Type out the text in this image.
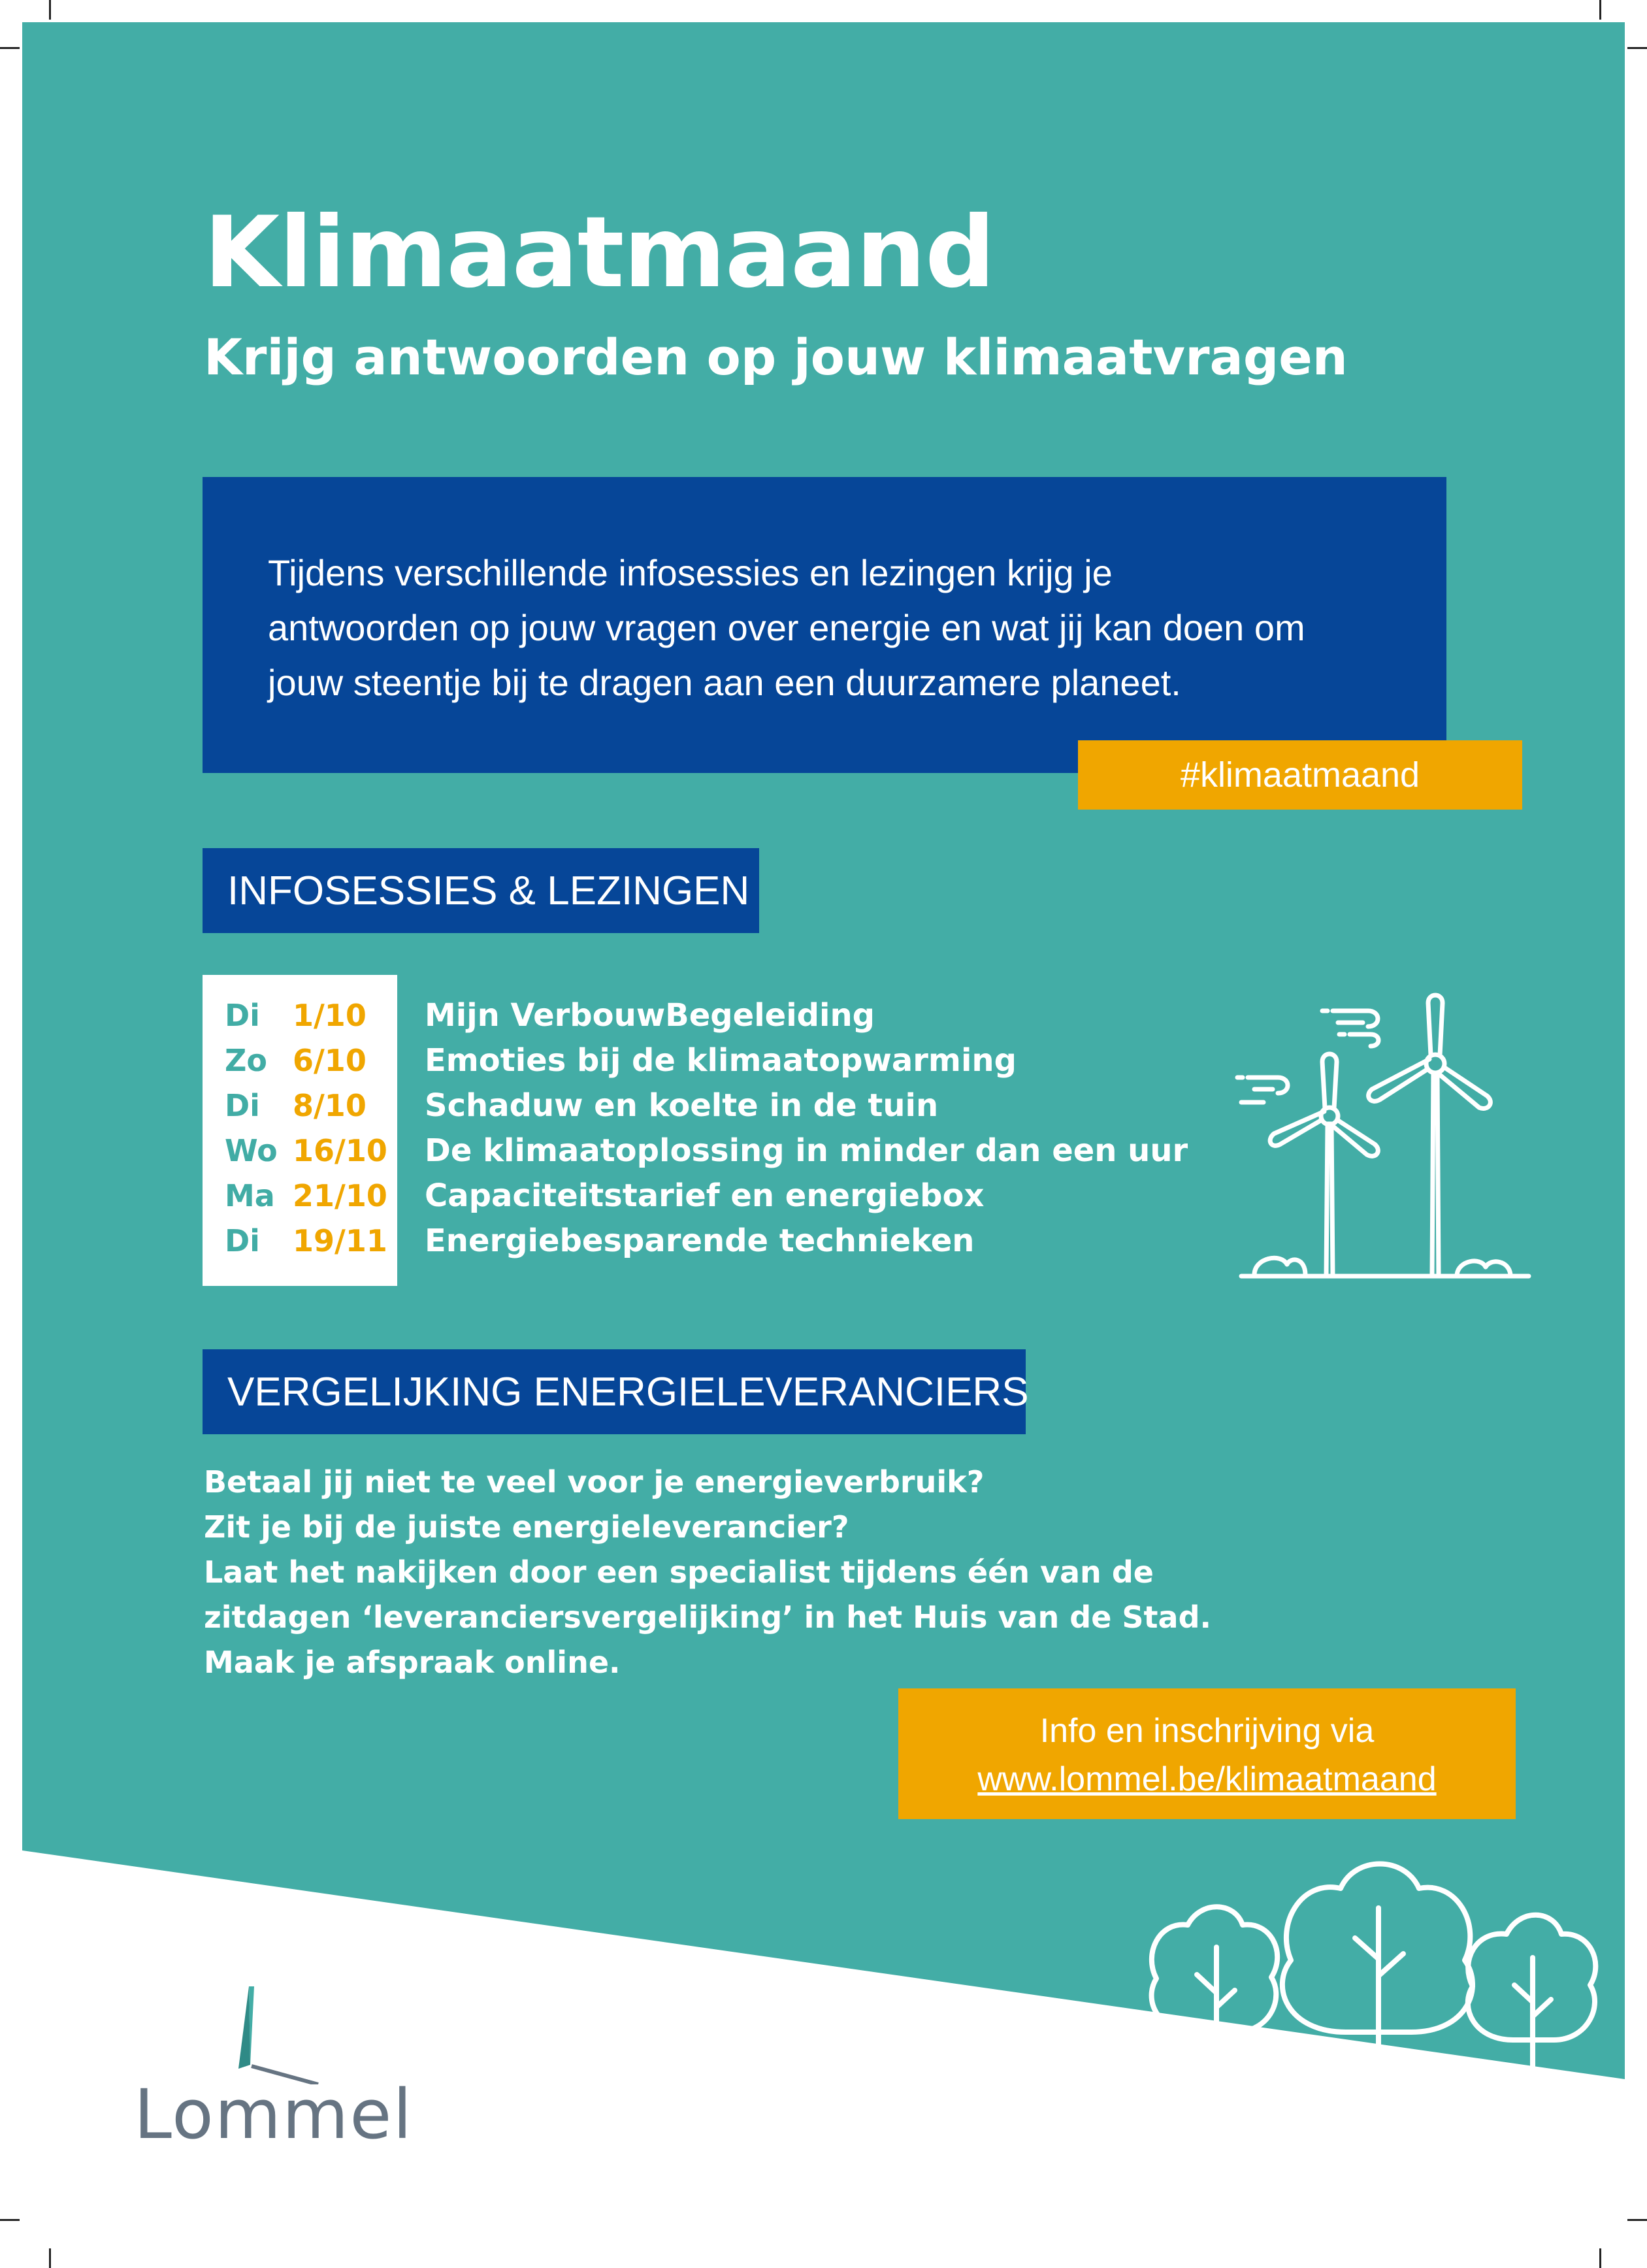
Klimaatmaand
Krijg antwoorden op jouw klimaatvragen
Tijdens verschillende infosessies en lezingen krijg je
antwoorden op jouw vragen over energie en wat jij kan doen om
jouw steentje bij te dragen aan een duurzamere planeet.
#klimaatmaand
INFOSESSIES & LEZINGEN
Di 1/10
Zo 6/10
Di 8/10
Wo 16/10
Ma 21/10
Di 19/11
Mijn VerbouwBegeleiding
Emoties bij de klimaatopwarming
Schaduw en koelte in de tuin
De klimaatoplossing in minder dan een uur
Capaciteitstarief en energiebox
Energiebesparende technieken
VERGELIJKING ENERGIELEVERANCIERS
Betaal jij niet te veel voor je energieverbruik?
Zit je bij de juiste energieleverancier?
Laat het nakijken door een specialist tijdens één van de
zitdagen ‘leveranciersvergelijking’ in het Huis van de Stad.
Maak je afspraak online.
Info en inschrijving via
www.lommel.be/klimaatmaand
Lommel
